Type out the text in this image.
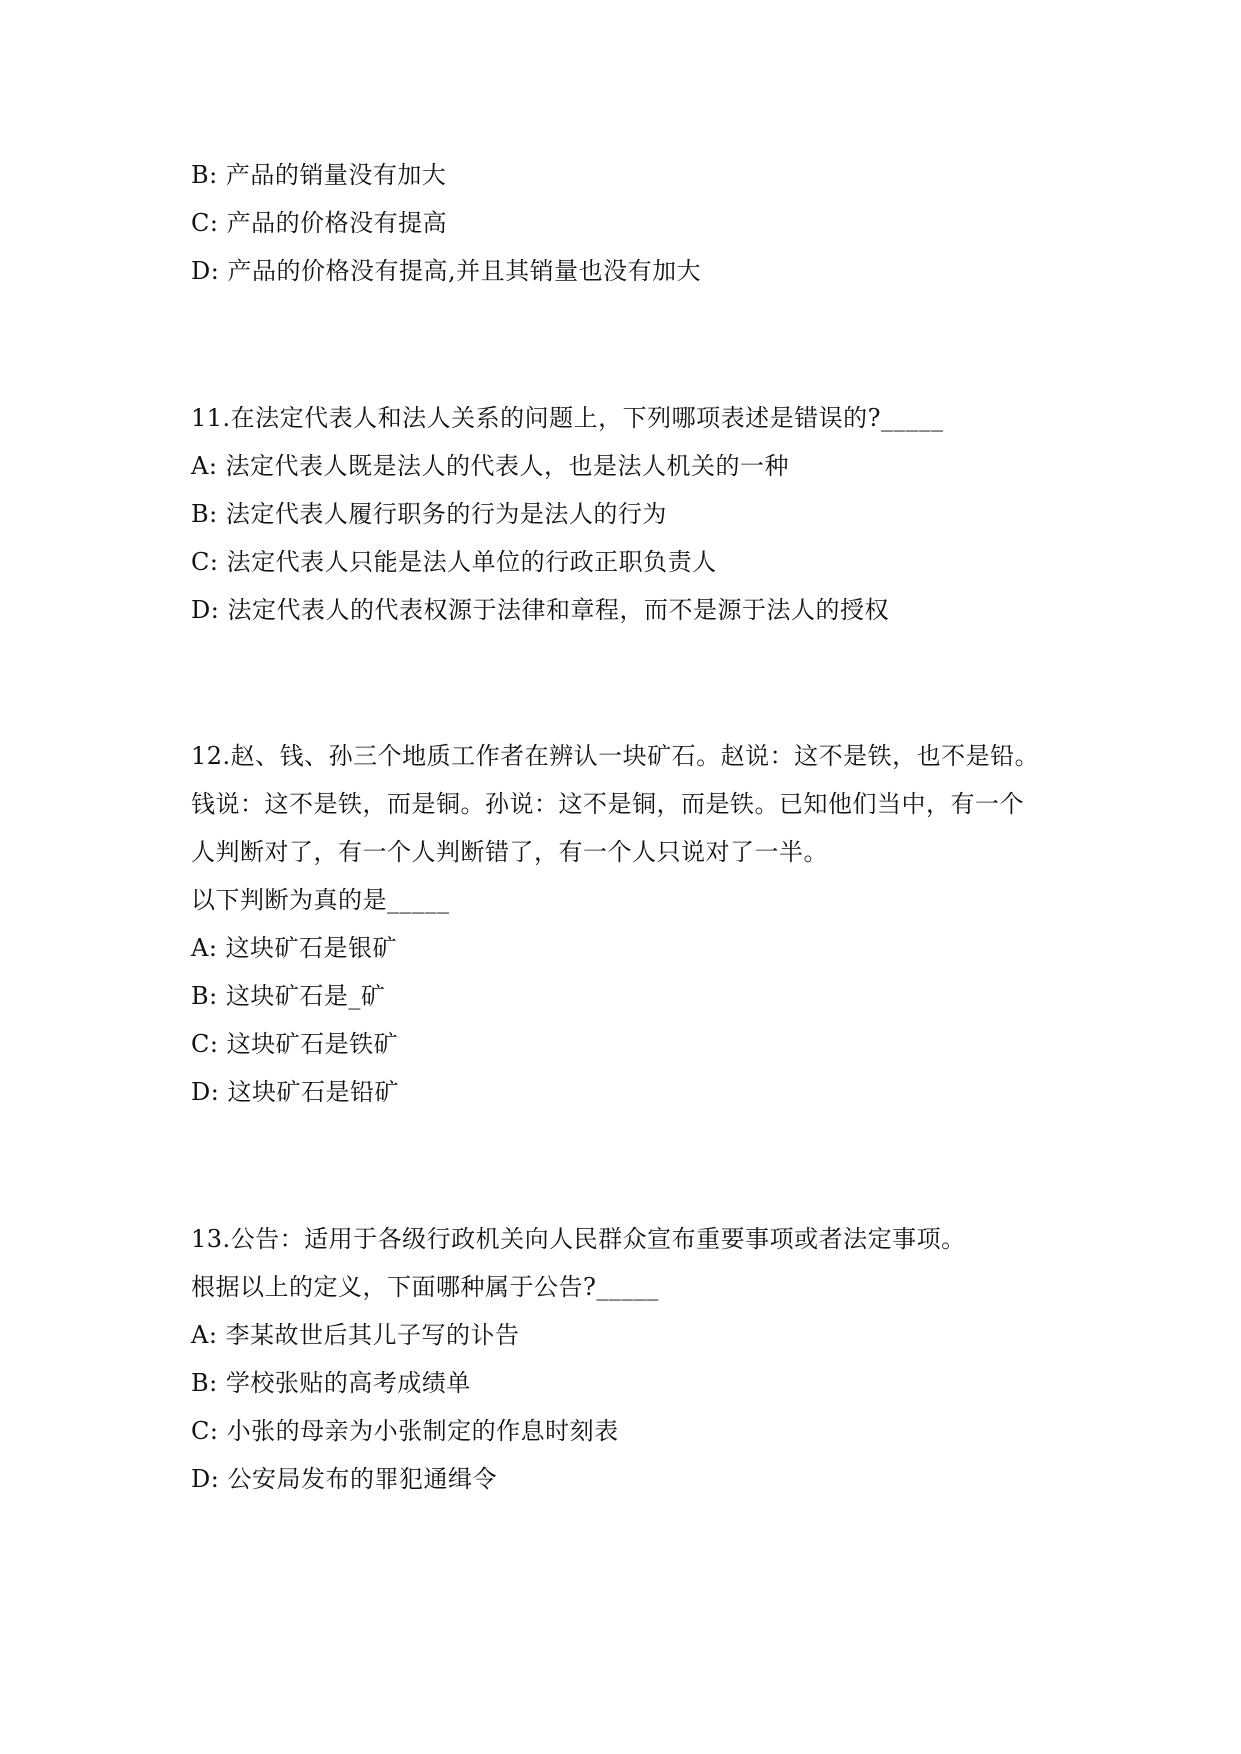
B: 产品的销量没有加大
C: 产品的价格没有提高
D: 产品的价格没有提高,并且其销量也没有加大
11.在法定代表人和法人关系的问题上，下列哪项表述是错误的?_____
A: 法定代表人既是法人的代表人，也是法人机关的一种
B: 法定代表人履行职务的行为是法人的行为
C: 法定代表人只能是法人单位的行政正职负责人
D: 法定代表人的代表权源于法律和章程，而不是源于法人的授权
12.赵、钱、孙三个地质工作者在辨认一块矿石。赵说：这不是铁，也不是铅。
钱说：这不是铁，而是铜。孙说：这不是铜，而是铁。已知他们当中，有一个
人判断对了，有一个人判断错了，有一个人只说对了一半。
以下判断为真的是_____
A: 这块矿石是银矿
B: 这块矿石是_矿
C: 这块矿石是铁矿
D: 这块矿石是铅矿
13.公告：适用于各级行政机关向人民群众宣布重要事项或者法定事项。
根据以上的定义，下面哪种属于公告?_____
A: 李某故世后其儿子写的讣告
B: 学校张贴的高考成绩单
C: 小张的母亲为小张制定的作息时刻表
D: 公安局发布的罪犯通缉令
